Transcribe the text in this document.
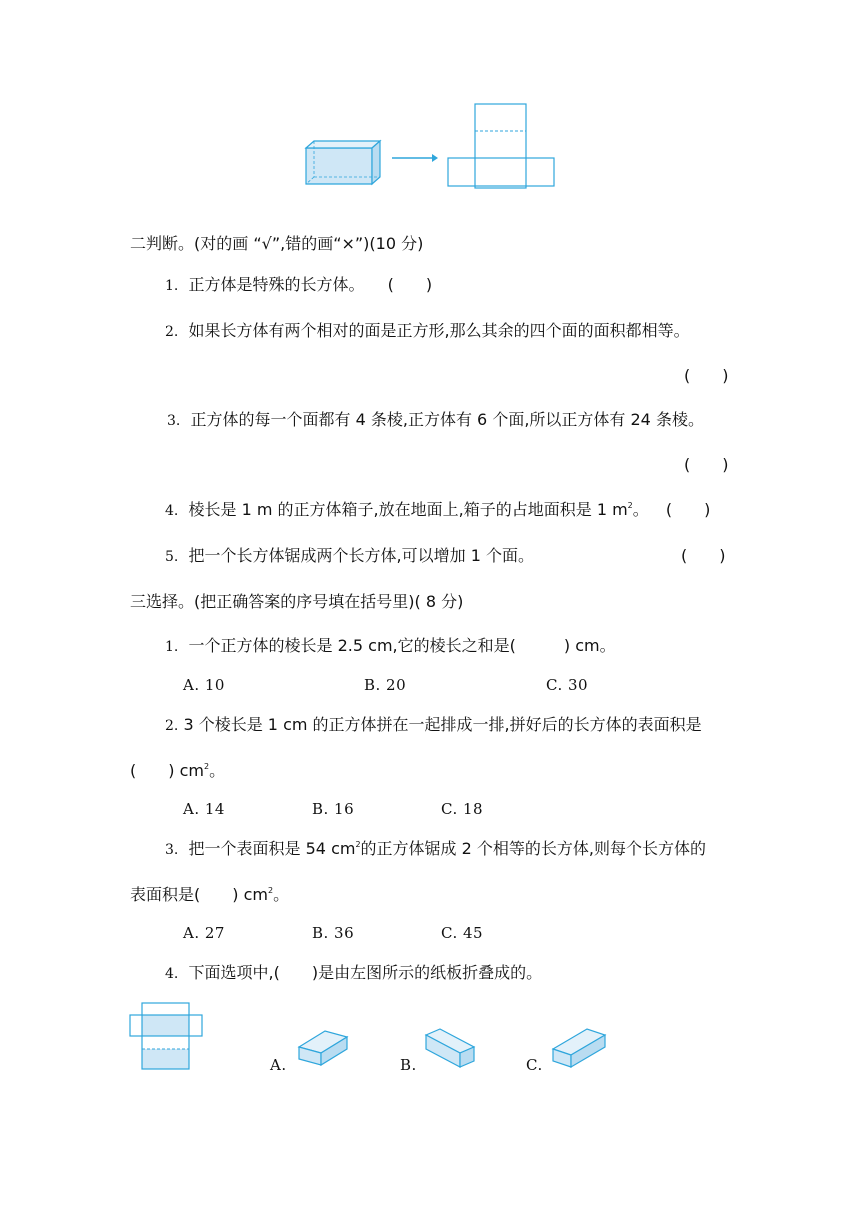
二判断。(对的画 “√”,错的画“×”)(10 分)
1. 正方体是特殊的长方体。 (　　)
2. 如果长方体有两个相对的面是正方形,那么其余的四个面的面积都相等。
(　　)
3. 正方体的每一个面都有 4 条棱,正方体有 6 个面,所以正方体有 24 条棱。
(　　)
4. 棱长是 1 m 的正方体箱子,放在地面上,箱子的占地面积是 1 $m^2$。 (　　)
5. 把一个长方体锯成两个长方体,可以增加 1 个面。	(　　)
三选择。(把正确答案的序号填在括号里)( 8 分)
1. 一个正方体的棱长是 2.5 cm,它的棱长之和是(　　　) cm。
A. 10	B. 20	C. 30
2. 3 个棱长是 1 cm 的正方体拼在一起排成一排,拼好后的长方体的表面积是
(　　) $cm^2$。
A. 14	B. 16	C. 18
3. 把一个表面积是 54 $cm^2$的正方体锯成 2 个相等的长方体,则每个长方体的
表面积是(　　) $cm^2$。
A. 27	B. 36	C. 45
4. 下面选项中,(　　)是由左图所示的纸板折叠成的。
A.	B.	C.
